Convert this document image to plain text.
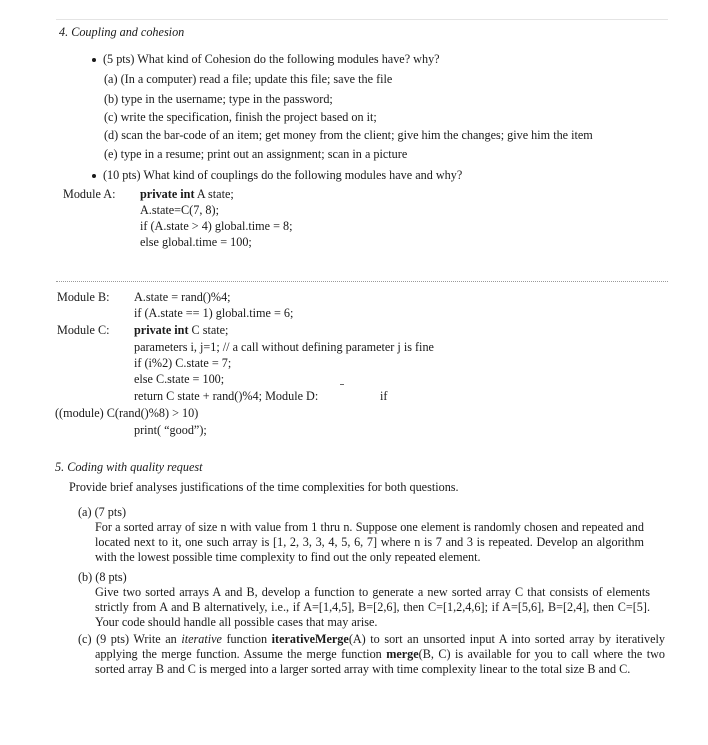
4. Coupling and cohesion
(5 pts) What kind of Cohesion do the following modules have? why?
(a) (In a computer) read a file; update this file; save the file
(b) type in the username; type in the password;
(c) write the specification, finish the project based on it;
(d) scan the bar-code of an item; get money from the client; give him the changes; give him the item
(e) type in a resume; print out an assignment; scan in a picture
(10 pts) What kind of couplings do the following modules have and why?
Module A: private int A state;
A.state=C(7, 8);
if (A.state > 4) global.time = 8;
else global.time = 100;
Module B: A.state = rand()%4;
if (A.state == 1) global.time = 6;
Module C: private int C state;
parameters i, j=1; // a call without defining parameter j is fine
if (i%2) C.state = 7;
else C.state = 100;
return C state + rand()%4; Module D:	if
((module) C(rand()%8) > 10)
print( “good”);
5. Coding with quality request
Provide brief analyses justifications of the time complexities for both questions.
(a) (7 pts)
For a sorted array of size n with value from 1 thru n. Suppose one element is randomly chosen and repeated and located next to it, one such array is [1, 2, 3, 3, 4, 5, 6, 7] where n is 7 and 3 is repeated. Develop an algorithm with the lowest possible time complexity to find out the only repeated element.
(b) (8 pts)
Give two sorted arrays A and B, develop a function to generate a new sorted array C that consists of elements strictly from A and B alternatively, i.e., if A=[1,4,5], B=[2,6], then C=[1,2,4,6]; if A=[5,6], B=[2,4], then C=[5]. Your code should handle all possible cases that may arise.
(c) (9 pts) Write an iterative function iterativeMerge(A) to sort an unsorted input A into sorted array by iteratively applying the merge function. Assume the merge function merge(B, C) is available for you to call where the two sorted array B and C is merged into a larger sorted array with time complexity linear to the total size B and C.
